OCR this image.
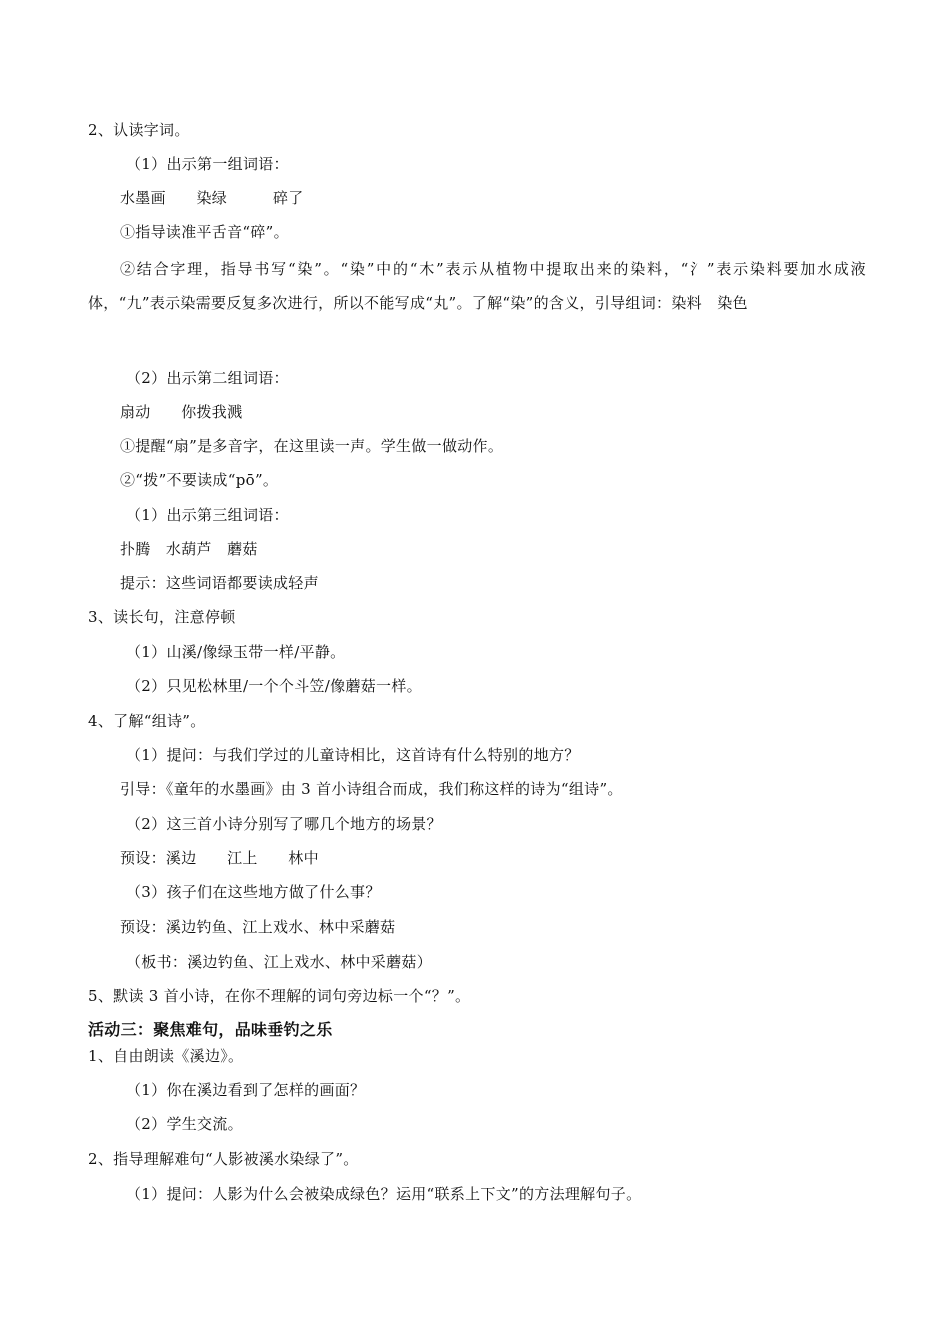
2、认读字词。
（1）出示第一组词语：
水墨画　　染绿　　　碎了
①指导读准平舌音“碎”。
②结合字理，指导书写“染”。“染”中的“木”表示从植物中提取出来的染料，“氵”表示染料要加水成液体，“九”表示染需要反复多次进行，所以不能写成“丸”。了解“染”的含义，引导组词：染料　染色
（2）出示第二组词语：
扇动　　你拨我溅
①提醒“扇”是多音字，在这里读一声。学生做一做动作。
②“拨”不要读成“pō”。
（1）出示第三组词语：
扑腾　水葫芦　蘑菇
提示：这些词语都要读成轻声
3、读长句，注意停顿
（1）山溪/像绿玉带一样/平静。
（2）只见松林里/一个个斗笠/像蘑菇一样。
4、了解“组诗”。
（1）提问：与我们学过的儿童诗相比，这首诗有什么特别的地方？
引导：《童年的水墨画》由 3 首小诗组合而成，我们称这样的诗为“组诗”。
（2）这三首小诗分别写了哪几个地方的场景？
预设：溪边　　江上　　林中
（3）孩子们在这些地方做了什么事？
预设：溪边钓鱼、江上戏水、林中采蘑菇
（板书：溪边钓鱼、江上戏水、林中采蘑菇）
5、默读 3 首小诗，在你不理解的词句旁边标一个“？”。
活动三：聚焦难句，品味垂钓之乐
1、自由朗读《溪边》。
（1）你在溪边看到了怎样的画面？
（2）学生交流。
2、指导理解难句“人影被溪水染绿了”。
（1）提问：人影为什么会被染成绿色？运用“联系上下文”的方法理解句子。
